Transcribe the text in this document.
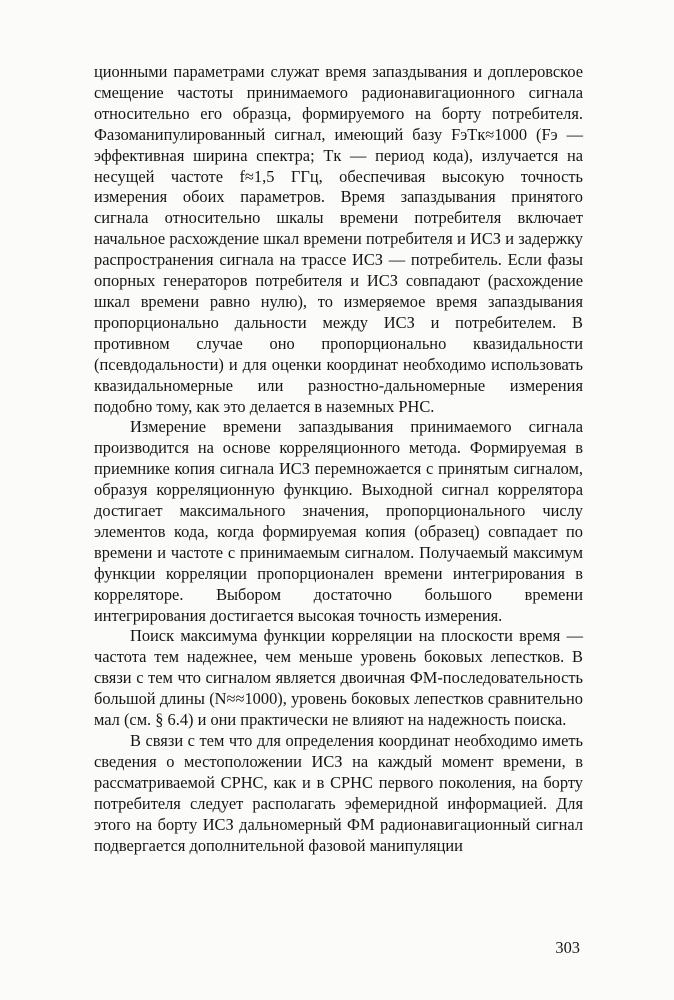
ционными параметрами служат время запаздывания и доплеровское смещение частоты принимаемого радионавигационного сигнала относительно его образца, формируемого на борту потребителя. Фазоманипулированный сигнал, имеющий базу FэTк≈1000 (Fэ — эффективная ширина спектра; Tк — период кода), излучается на несущей частоте f≈1,5 ГГц, обеспечивая высокую точность измерения обоих параметров. Время запаздывания принятого сигнала относительно шкалы времени потребителя включает начальное расхождение шкал времени потребителя и ИСЗ и задержку распространения сигнала на трассе ИСЗ — потребитель. Если фазы опорных генераторов потребителя и ИСЗ совпадают (расхождение шкал времени равно нулю), то измеряемое время запаздывания пропорционально дальности между ИСЗ и потребителем. В противном случае оно пропорционально квазидальности (псевдодальности) и для оценки координат необходимо использовать квазидальномерные или разностно-дальномерные измерения подобно тому, как это делается в наземных РНС.

Измерение времени запаздывания принимаемого сигнала производится на основе корреляционного метода. Формируемая в приемнике копия сигнала ИСЗ перемножается с принятым сигналом, образуя корреляционную функцию. Выходной сигнал коррелятора достигает максимального значения, пропорционального числу элементов кода, когда формируемая копия (образец) совпадает по времени и частоте с принимаемым сигналом. Получаемый максимум функции корреляции пропорционален времени интегрирования в корреляторе. Выбором достаточно большого времени интегрирования достигается высокая точность измерения.

Поиск максимума функции корреляции на плоскости время — частота тем надежнее, чем меньше уровень боковых лепестков. В связи с тем что сигналом является двоичная ФМ-последовательность большой длины (N≈≈1000), уровень боковых лепестков сравнительно мал (см. § 6.4) и они практически не влияют на надежность поиска.

В связи с тем что для определения координат необходимо иметь сведения о местоположении ИСЗ на каждый момент времени, в рассматриваемой СРНС, как и в СРНС первого поколения, на борту потребителя следует располагать эфемеридной информацией. Для этого на борту ИСЗ дальномерный ФМ радионавигационный сигнал подвергается дополнительной фазовой манипуляции

303
